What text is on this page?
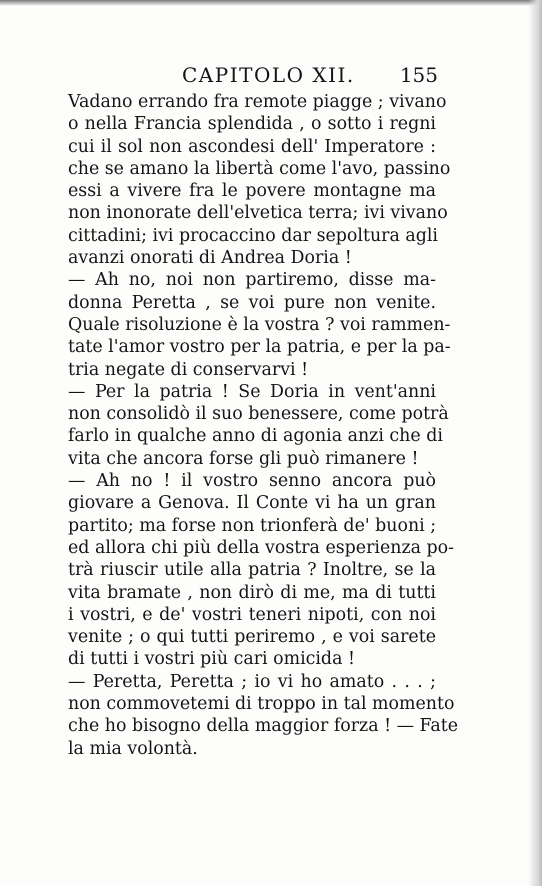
CAPITOLO XII. 155
Vadano errando fra remote piagge ; vivano
o nella Francia splendida , o sotto i regni
cui il sol non ascondesi dell' Imperatore :
che se amano la libertà come l'avo, passino
essi a vivere fra le povere montagne ma
non inonorate dell'elvetica terra; ivi vivano
cittadini; ivi procaccino dar sepoltura agli
avanzi onorati di Andrea Doria !
— Ah no, noi non partiremo, disse ma-
donna Peretta , se voi pure non venite.
Quale risoluzione è la vostra ? voi rammen-
tate l'amor vostro per la patria, e per la pa-
tria negate di conservarvi !
— Per la patria ! Se Doria in vent'anni
non consolidò il suo benessere, come potrà
farlo in qualche anno di agonia anzi che di
vita che ancora forse gli può rimanere !
— Ah no ! il vostro senno ancora può
giovare a Genova. Il Conte vi ha un gran
partito; ma forse non trionferà de' buoni ;
ed allora chi più della vostra esperienza po-
trà riuscir utile alla patria ? Inoltre, se la
vita bramate , non dirò di me, ma di tutti
i vostri, e de' vostri teneri nipoti, con noi
venite ; o qui tutti periremo , e voi sarete
di tutti i vostri più cari omicida !
— Peretta, Peretta ; io vi ho amato . . . ;
non commovetemi di troppo in tal momento
che ho bisogno della maggior forza ! — Fate
la mia volontà.
